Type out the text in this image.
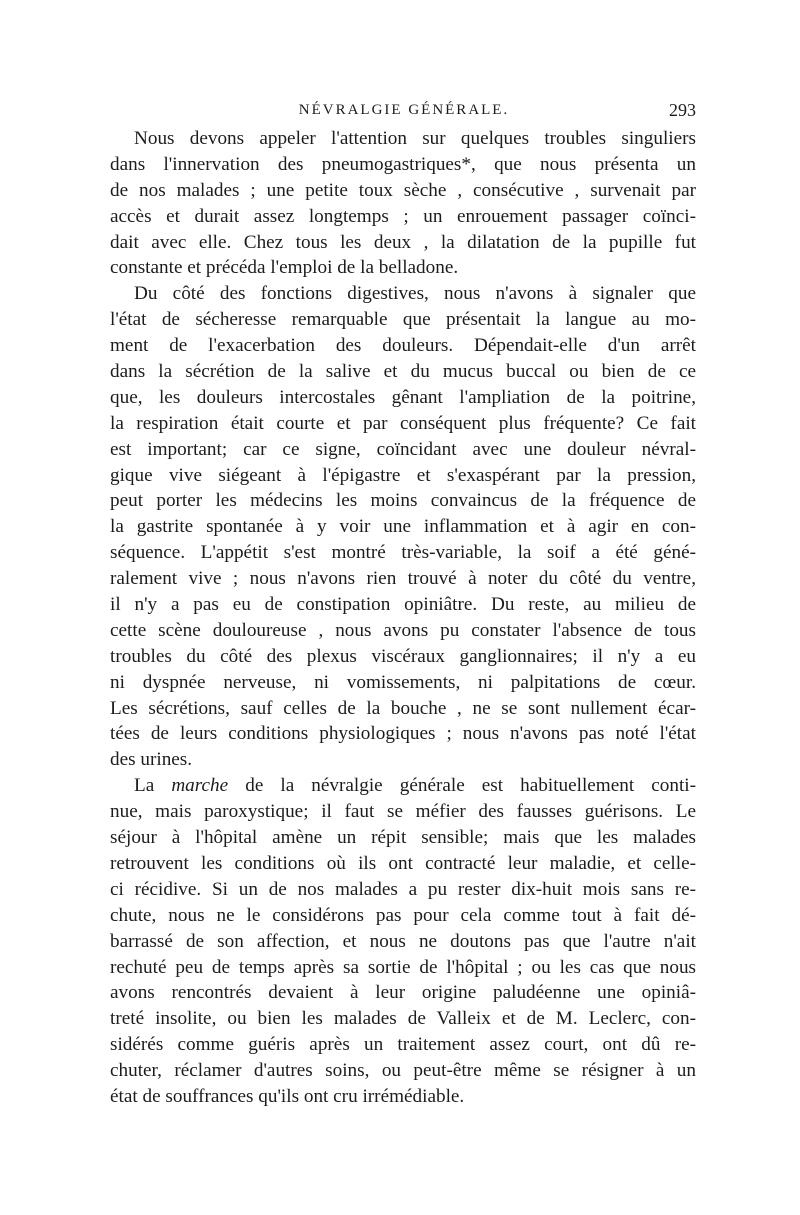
NÉVRALGIE GÉNÉRALE.	293
Nous devons appeler l'attention sur quelques troubles singuliers
dans l'innervation des pneumogastriques*, que nous présenta un
de nos malades ; une petite toux sèche , consécutive , survenait par
accès et durait assez longtemps ; un enrouement passager coïnci-
dait avec elle. Chez tous les deux , la dilatation de la pupille fut
constante et précéda l'emploi de la belladone.
Du côté des fonctions digestives, nous n'avons à signaler que
l'état de sécheresse remarquable que présentait la langue au mo-
ment de l'exacerbation des douleurs. Dépendait-elle d'un arrêt
dans la sécrétion de la salive et du mucus buccal ou bien de ce
que, les douleurs intercostales gênant l'ampliation de la poitrine,
la respiration était courte et par conséquent plus fréquente? Ce fait
est important; car ce signe, coïncidant avec une douleur névral-
gique vive siégeant à l'épigastre et s'exaspérant par la pression,
peut porter les médecins les moins convaincus de la fréquence de
la gastrite spontanée à y voir une inflammation et à agir en con-
séquence. L'appétit s'est montré très-variable, la soif a été géné-
ralement vive ; nous n'avons rien trouvé à noter du côté du ventre,
il n'y a pas eu de constipation opiniâtre. Du reste, au milieu de
cette scène douloureuse , nous avons pu constater l'absence de tous
troubles du côté des plexus viscéraux ganglionnaires; il n'y a eu
ni dyspnée nerveuse, ni vomissements, ni palpitations de cœur.
Les sécrétions, sauf celles de la bouche , ne se sont nullement écar-
tées de leurs conditions physiologiques ; nous n'avons pas noté l'état
des urines.
La marche de la névralgie générale est habituellement conti-
nue, mais paroxystique; il faut se méfier des fausses guérisons. Le
séjour à l'hôpital amène un répit sensible; mais que les malades
retrouvent les conditions où ils ont contracté leur maladie, et celle-
ci récidive. Si un de nos malades a pu rester dix-huit mois sans re-
chute, nous ne le considérons pas pour cela comme tout à fait dé-
barrassé de son affection, et nous ne doutons pas que l'autre n'ait
rechuté peu de temps après sa sortie de l'hôpital ; ou les cas que nous
avons rencontrés devaient à leur origine paludéenne une opiniâ-
treté insolite, ou bien les malades de Valleix et de M. Leclerc, con-
sidérés comme guéris après un traitement assez court, ont dû re-
chuter, réclamer d'autres soins, ou peut-être même se résigner à un
état de souffrances qu'ils ont cru irrémédiable.
